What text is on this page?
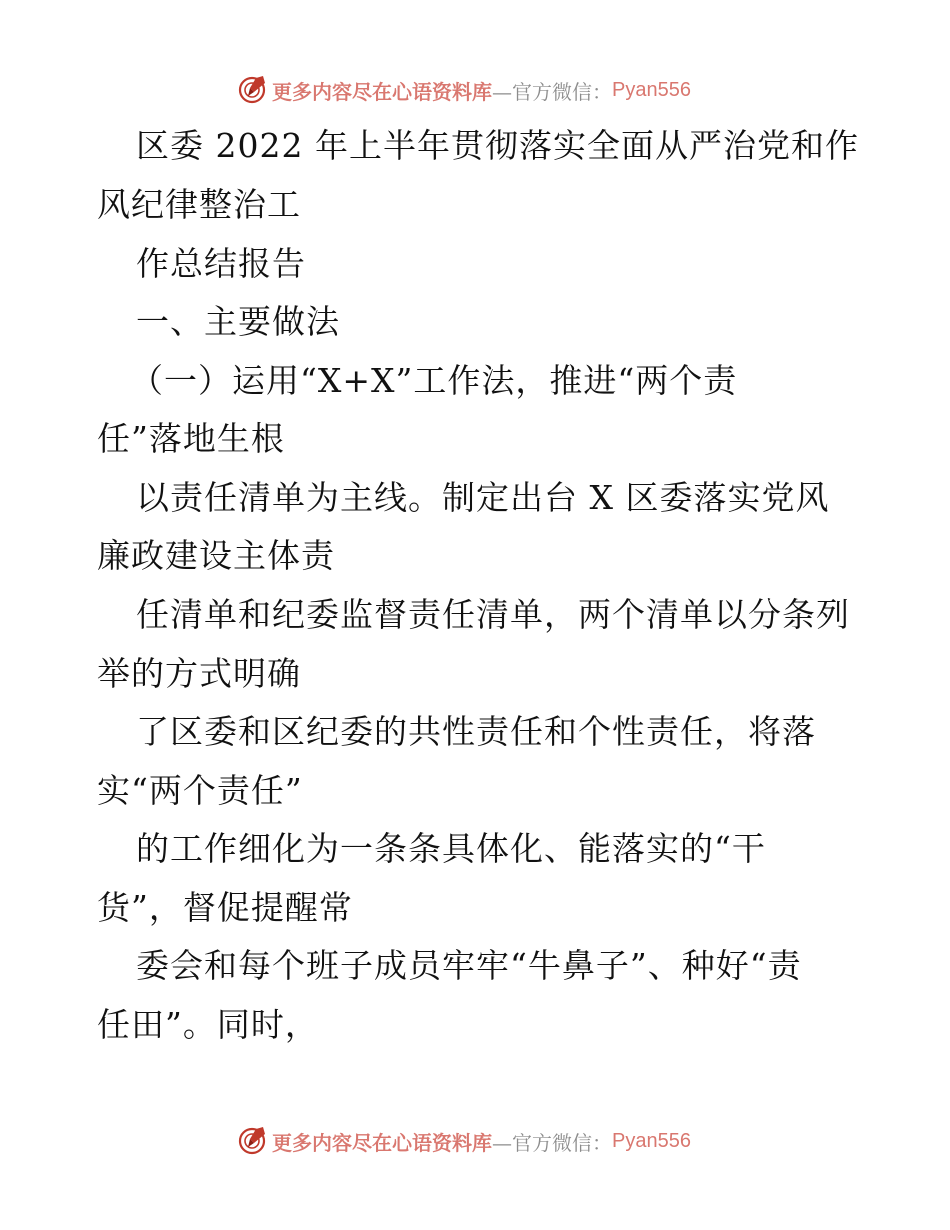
更多内容尽在心语资料库 —官方微信： Pyan556
区委 2022 年上半年贯彻落实全面从严治党和作
风纪律整治工
作总结报告
一、主要做法
（一）运用“X+X”工作法，推进“两个责
任”落地生根
以责任清单为主线。制定出台 X 区委落实党风
廉政建设主体责
任清单和纪委监督责任清单，两个清单以分条列
举的方式明确
了区委和区纪委的共性责任和个性责任，将落
实“两个责任”
的工作细化为一条条具体化、能落实的“干
货”，督促提醒常
委会和每个班子成员牢牢“牛鼻子”、种好“责
任田”。同时，
更多内容尽在心语资料库 —官方微信： Pyan556
